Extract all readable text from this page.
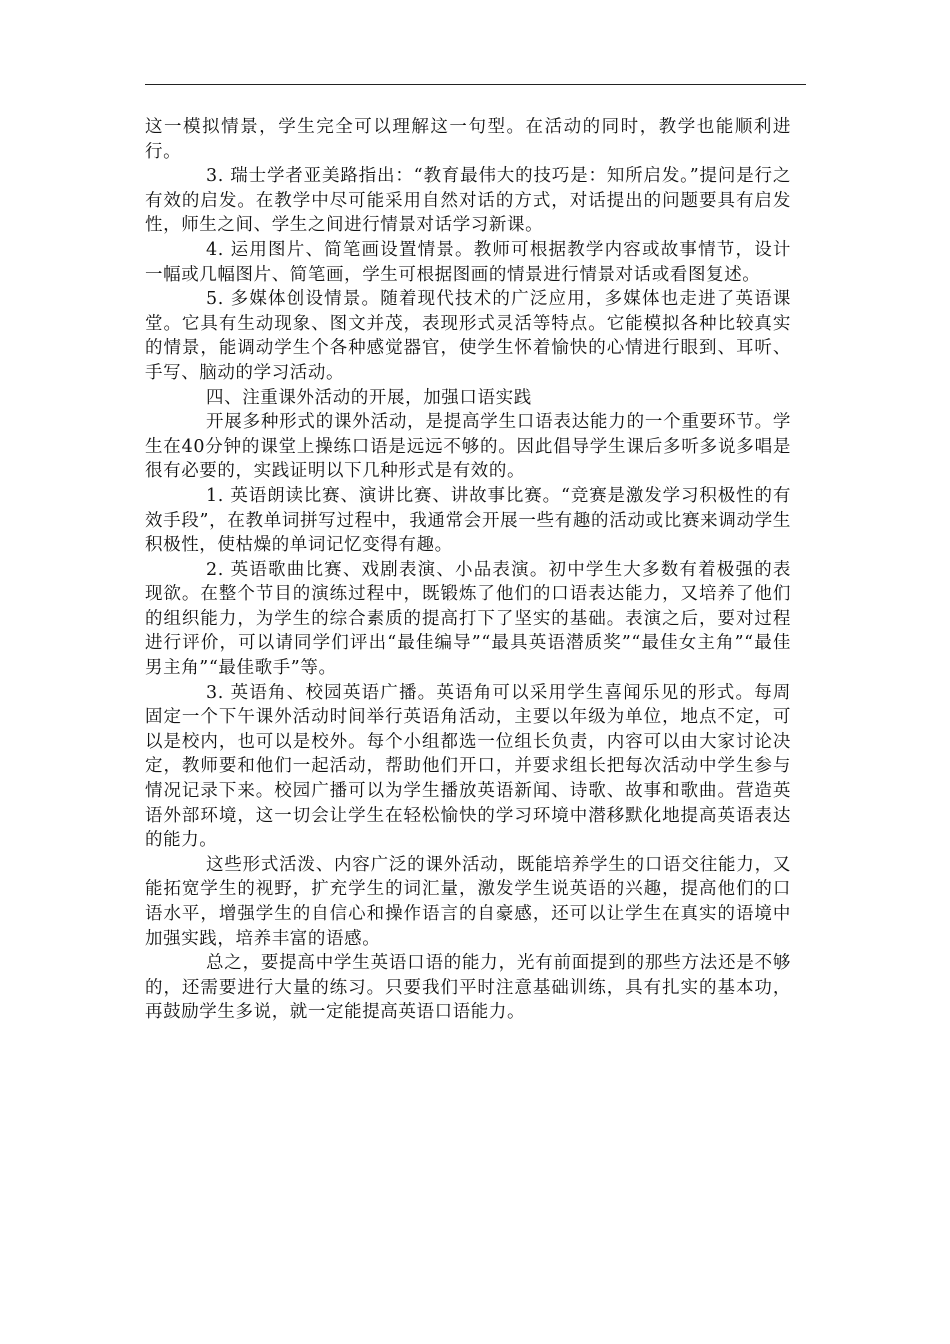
这一模拟情景，学生完全可以理解这一句型。在活动的同时，教学也能顺利进行。

3. 瑞士学者亚美路指出：“教育最伟大的技巧是：知所启发。”提问是行之有效的启发。在教学中尽可能采用自然对话的方式，对话提出的问题要具有启发性，师生之间、学生之间进行情景对话学习新课。

4. 运用图片、简笔画设置情景。教师可根据教学内容或故事情节，设计一幅或几幅图片、简笔画，学生可根据图画的情景进行情景对话或看图复述。

5. 多媒体创设情景。随着现代技术的广泛应用，多媒体也走进了英语课堂。它具有生动现象、图文并茂，表现形式灵活等特点。它能模拟各种比较真实的情景，能调动学生个各种感觉器官，使学生怀着愉快的心情进行眼到、耳听、手写、脑动的学习活动。

四、注重课外活动的开展，加强口语实践

开展多种形式的课外活动，是提高学生口语表达能力的一个重要环节。学生在40分钟的课堂上操练口语是远远不够的。因此倡导学生课后多听多说多唱是很有必要的，实践证明以下几种形式是有效的。

1. 英语朗读比赛、演讲比赛、讲故事比赛。“竞赛是激发学习积极性的有效手段”，在教单词拼写过程中，我通常会开展一些有趣的活动或比赛来调动学生积极性，使枯燥的单词记忆变得有趣。

2. 英语歌曲比赛、戏剧表演、小品表演。初中学生大多数有着极强的表现欲。在整个节目的演练过程中，既锻炼了他们的口语表达能力，又培养了他们的组织能力，为学生的综合素质的提高打下了坚实的基础。表演之后，要对过程进行评价，可以请同学们评出“最佳编导”“最具英语潜质奖”“最佳女主角”“最佳男主角”“最佳歌手”等。

3. 英语角、校园英语广播。英语角可以采用学生喜闻乐见的形式。每周固定一个下午课外活动时间举行英语角活动，主要以年级为单位，地点不定，可以是校内，也可以是校外。每个小组都选一位组长负责，内容可以由大家讨论决定，教师要和他们一起活动，帮助他们开口，并要求组长把每次活动中学生参与情况记录下来。校园广播可以为学生播放英语新闻、诗歌、故事和歌曲。营造英语外部环境，这一切会让学生在轻松愉快的学习环境中潜移默化地提高英语表达的能力。

这些形式活泼、内容广泛的课外活动，既能培养学生的口语交往能力，又能拓宽学生的视野，扩充学生的词汇量，激发学生说英语的兴趣，提高他们的口语水平，增强学生的自信心和操作语言的自豪感，还可以让学生在真实的语境中加强实践，培养丰富的语感。

总之，要提高中学生英语口语的能力，光有前面提到的那些方法还是不够的，还需要进行大量的练习。只要我们平时注意基础训练，具有扎实的基本功，再鼓励学生多说，就一定能提高英语口语能力。
